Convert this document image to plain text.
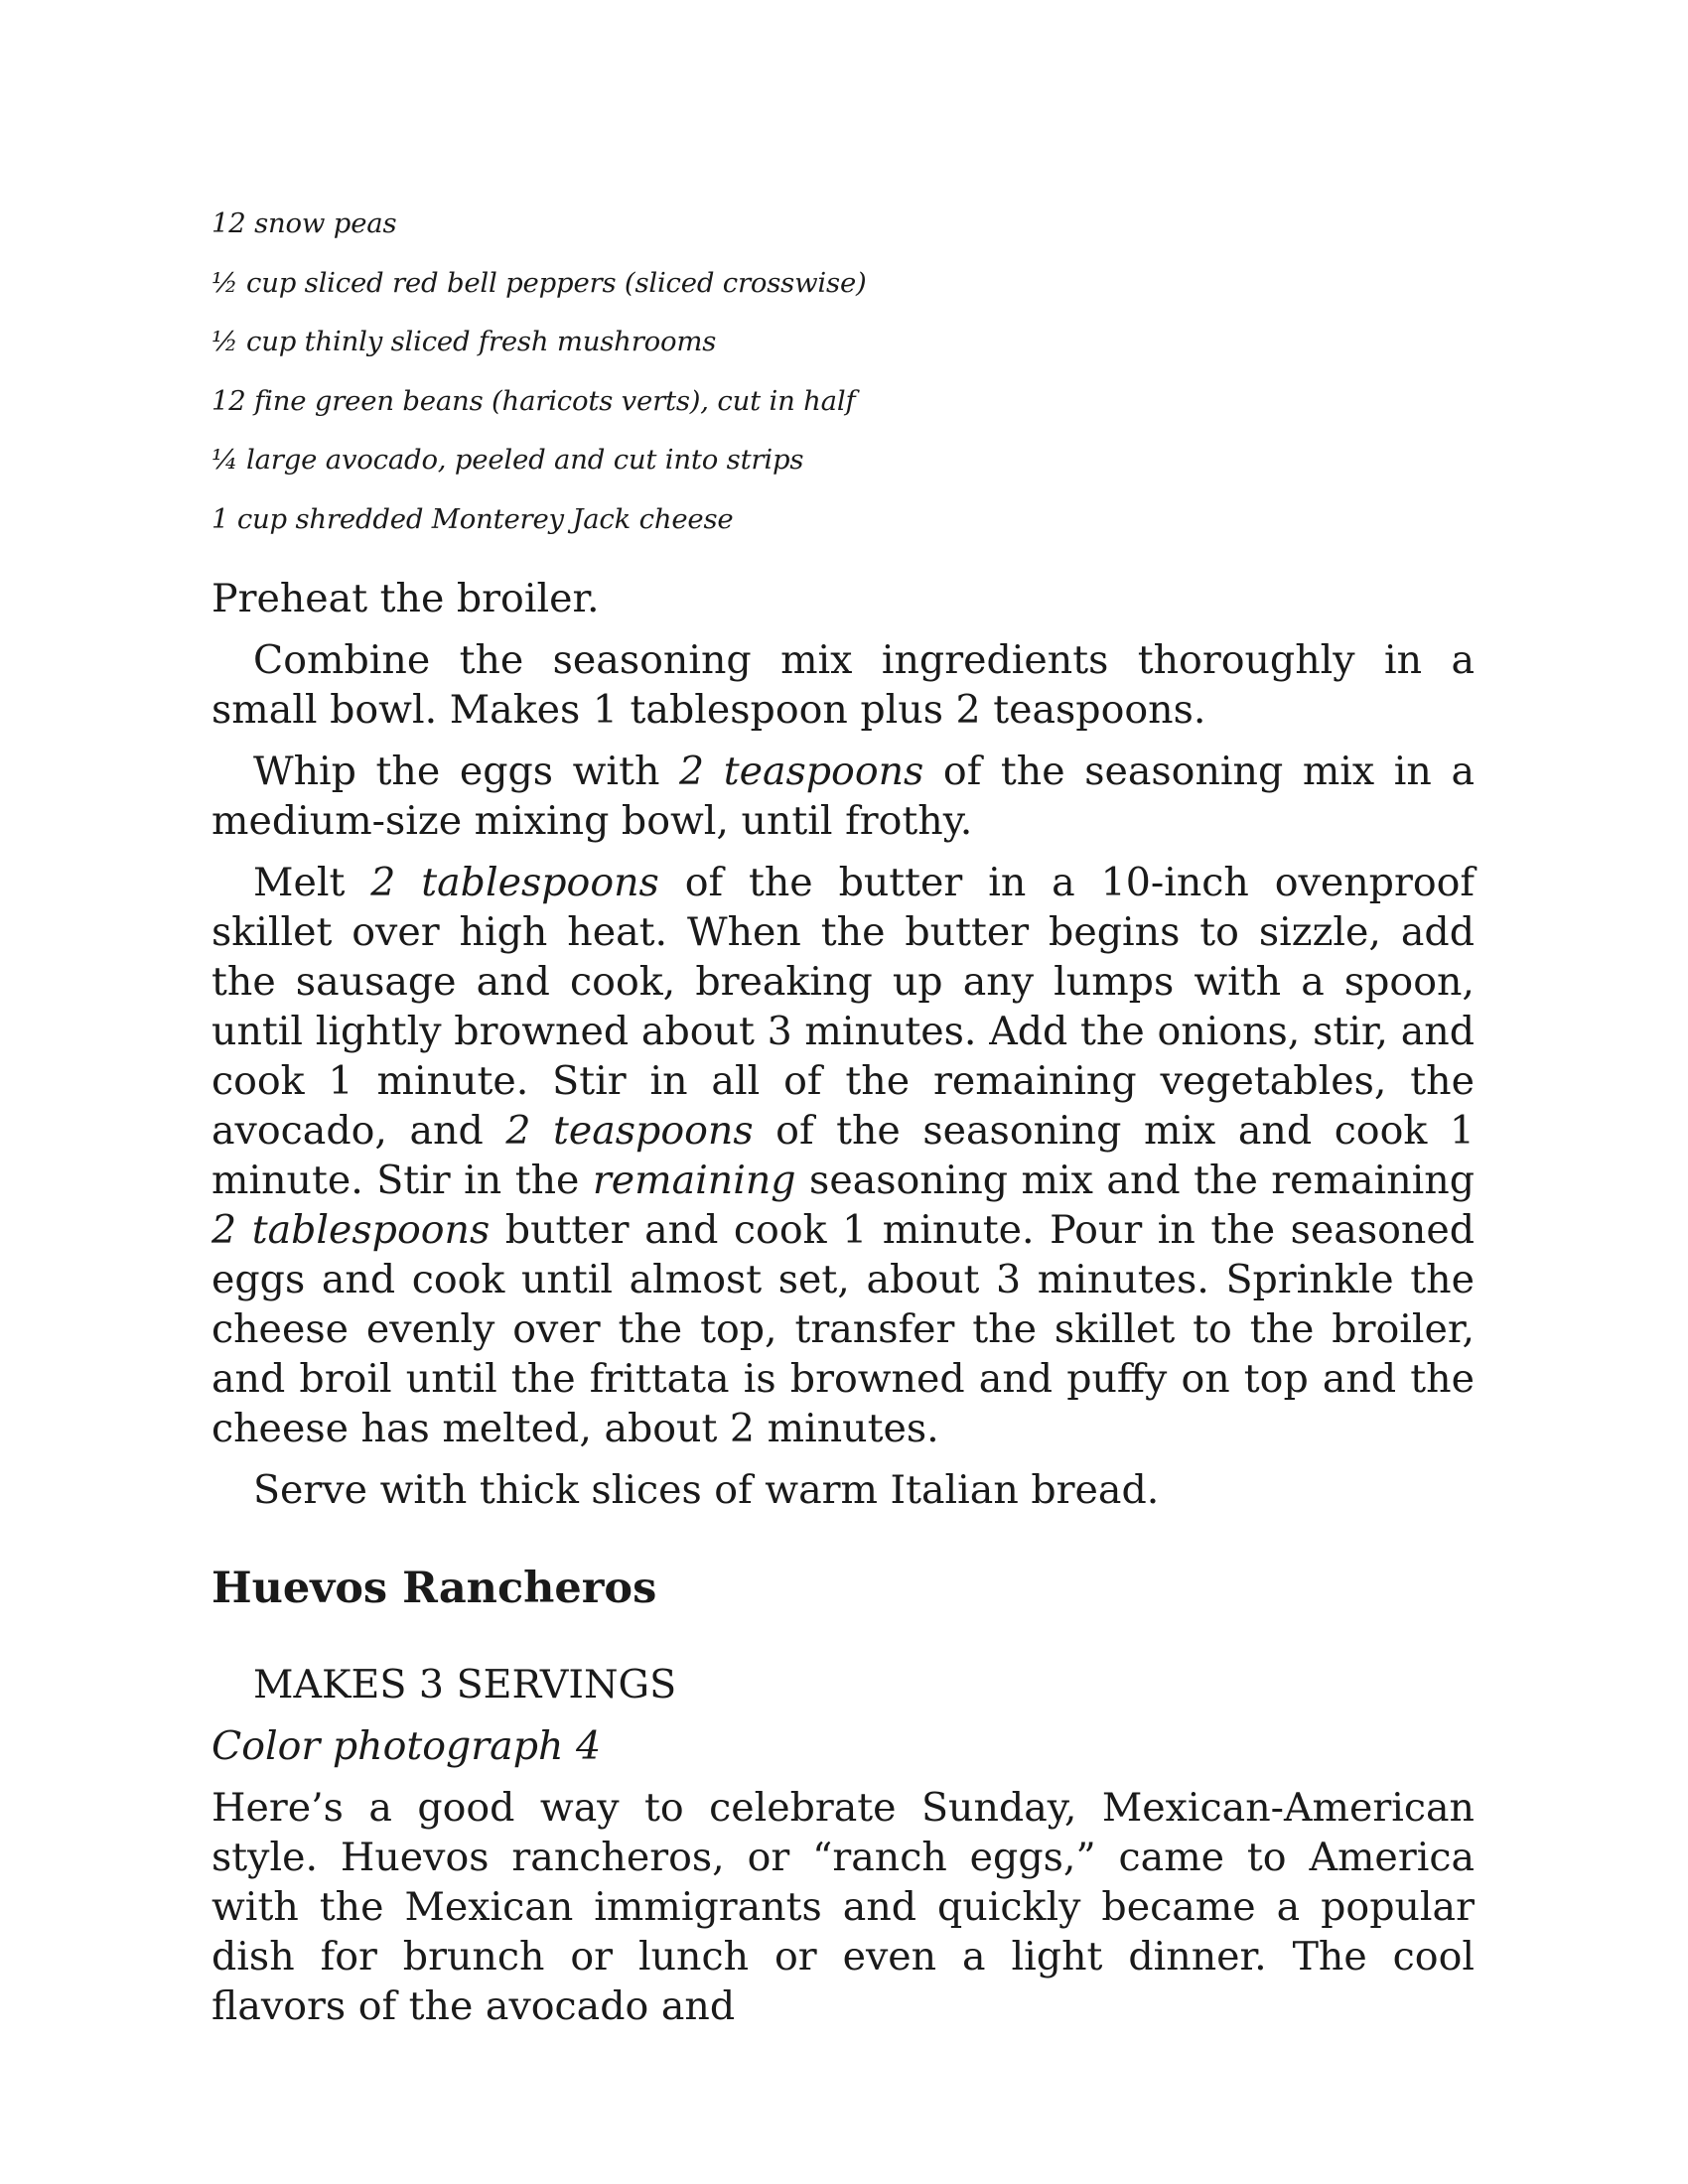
12 snow peas
½ cup sliced red bell peppers (sliced crosswise)
½ cup thinly sliced fresh mushrooms
12 fine green beans (haricots verts), cut in half
¼ large avocado, peeled and cut into strips
1 cup shredded Monterey Jack cheese

Preheat the broiler.

Combine the seasoning mix ingredients thoroughly in a small bowl. Makes 1 tablespoon plus 2 teaspoons.

Whip the eggs with 2 teaspoons of the seasoning mix in a medium-size mixing bowl, until frothy.

Melt 2 tablespoons of the butter in a 10-inch ovenproof skillet over high heat. When the butter begins to sizzle, add the sausage and cook, breaking up any lumps with a spoon, until lightly browned about 3 minutes. Add the onions, stir, and cook 1 minute. Stir in all of the remaining vegetables, the avocado, and 2 teaspoons of the seasoning mix and cook 1 minute. Stir in the remaining seasoning mix and the remaining 2 tablespoons butter and cook 1 minute. Pour in the seasoned eggs and cook until almost set, about 3 minutes. Sprinkle the cheese evenly over the top, transfer the skillet to the broiler, and broil until the frittata is browned and puffy on top and the cheese has melted, about 2 minutes.

Serve with thick slices of warm Italian bread.

Huevos Rancheros
MAKES 3 SERVINGS
Color photograph 4

Here’s a good way to celebrate Sunday, Mexican-American style. Huevos rancheros, or “ranch eggs,” came to America with the Mexican immigrants and quickly became a popular dish for brunch or lunch or even a light dinner. The cool flavors of the avocado and
